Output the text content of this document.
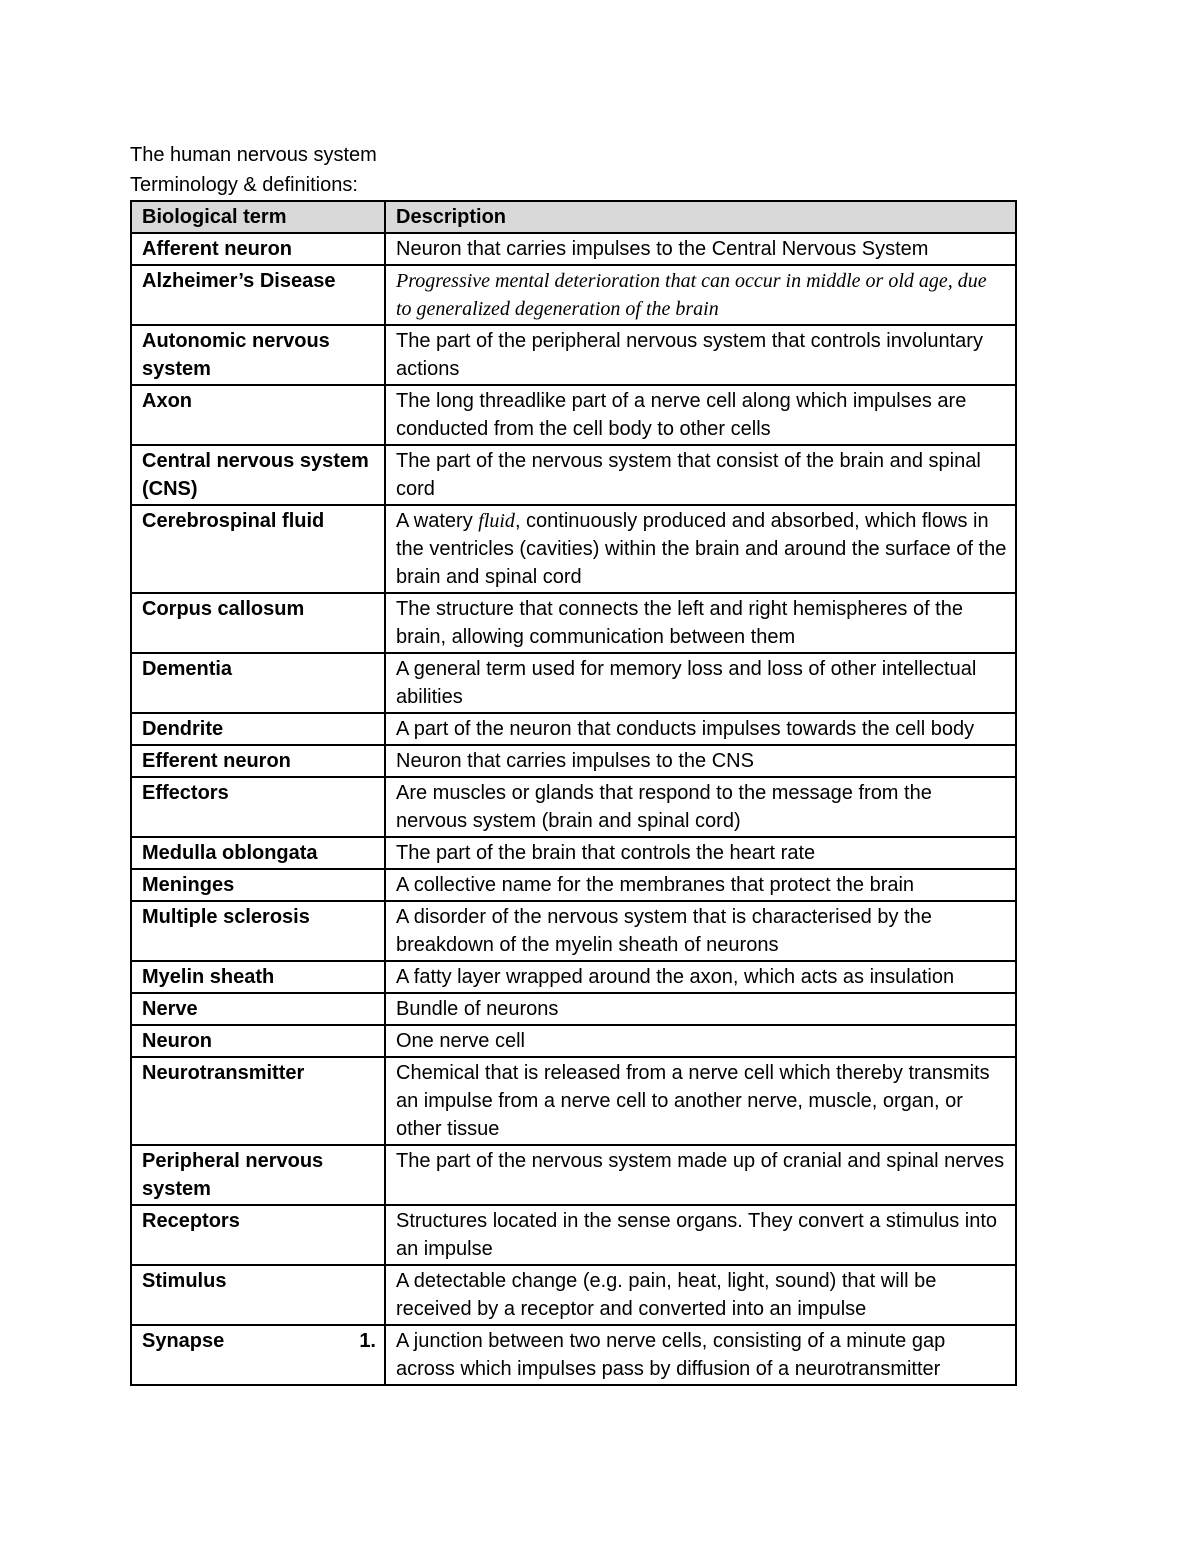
The human nervous system

Terminology & definitions:

Biological term	Description
Afferent neuron	Neuron that carries impulses to the Central Nervous System
Alzheimer’s Disease	Progressive mental deterioration that can occur in middle or old age, due to generalized degeneration of the brain
Autonomic nervous system	The part of the peripheral nervous system that controls involuntary actions
Axon	The long threadlike part of a nerve cell along which impulses are conducted from the cell body to other cells
Central nervous system (CNS)	The part of the nervous system that consist of the brain and spinal cord
Cerebrospinal fluid	A watery fluid, continuously produced and absorbed, which flows in the ventricles (cavities) within the brain and around the surface of the brain and spinal cord
Corpus callosum	The structure that connects the left and right hemispheres of the brain, allowing communication between them
Dementia	A general term used for memory loss and loss of other intellectual abilities
Dendrite	A part of the neuron that conducts impulses towards the cell body
Efferent neuron	Neuron that carries impulses to the CNS
Effectors	Are muscles or glands that respond to the message from the nervous system (brain and spinal cord)
Medulla oblongata	The part of the brain that controls the heart rate
Meninges	A collective name for the membranes that protect the brain
Multiple sclerosis	A disorder of the nervous system that is characterised by the breakdown of the myelin sheath of neurons
Myelin sheath	A fatty layer wrapped around the axon, which acts as insulation
Nerve	Bundle of neurons
Neuron	One nerve cell
Neurotransmitter	Chemical that is released from a nerve cell which thereby transmits an impulse from a nerve cell to another nerve, muscle, organ, or other tissue
Peripheral nervous system	The part of the nervous system made up of cranial and spinal nerves
Receptors	Structures located in the sense organs. They convert a stimulus into an impulse
Stimulus	A detectable change (e.g. pain, heat, light, sound) that will be received by a receptor and converted into an impulse

Synapse 1.	A junction between two nerve cells, consisting of a minute gap across which impulses pass by diffusion of a neurotransmitter
